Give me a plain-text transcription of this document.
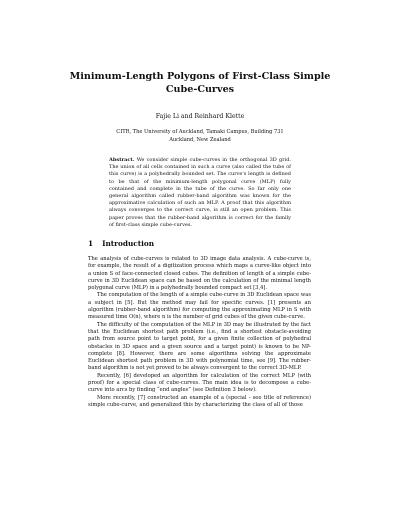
Minimum-Length Polygons of First-Class Simple
Cube-Curves
Fajie Li and Reinhard Klette
CITR, The University of Auckland, Tamaki Campus, Building 731
Auckland, New Zealand
Abstract. We consider simple cube-curves in the orthogonal 3D grid. The union of all cells contained in such a curve (also called the tube of this curve) is a polyhedrally bounded set. The curve's length is defined to be that of the minimum-length polygonal curve (MLP) fully contained and complete in the tube of the curve. So far only one general algorithm called rubber-band algorithm was known for the approximative calculation of such an MLP. A proof that this algorithm always converges to the correct curve, is still an open problem. This paper proves that the rubber-band algorithm is correct for the family of first-class simple cube-curves.
1 Introduction

The analysis of cube-curves is related to 3D image data analysis. A cube-curve is, for example, the result of a digitization process which maps a curve-like object into a union S of face-connected closed cubes. The definition of length of a simple cube-curve in 3D Euclidean space can be based on the calculation of the minimal length polygonal curve (MLP) in a polyhedrally bounded compact set [3,4].

The computation of the length of a simple cube-curve in 3D Euclidean space was a subject in [5]. But the method may fail for specific curves. [1] presents an algorithm (rubber-band algorithm) for computing the approximating MLP in S with measured time O(n), where n is the number of grid cubes of the given cube-curve.

The difficulty of the computation of the MLP in 3D may be illustrated by the fact that the Euclidean shortest path problem (i.e., find a shortest obstacle-avoiding path from source point to target point, for a given finite collection of polyhedral obstacles in 3D space and a given source and a target point) is known to be NP-complete [8]. However, there are some algorithms solving the approximate Euclidean shortest path problem in 3D with polynomial time, see [9]. The rubber-band algorithm is not yet proved to be always convergent to the correct 3D-MLP.

Recently, [6] developed an algorithm for calculation of the correct MLP (with proof) for a special class of cube-curves. The main idea is to decompose a cube-curve into arcs by finding “end angles” (see Definition 3 below).

More recently, [7] constructed an example of a (special - see title of reference) simple cube-curve, and generalized this by characterizing the class of all of those
